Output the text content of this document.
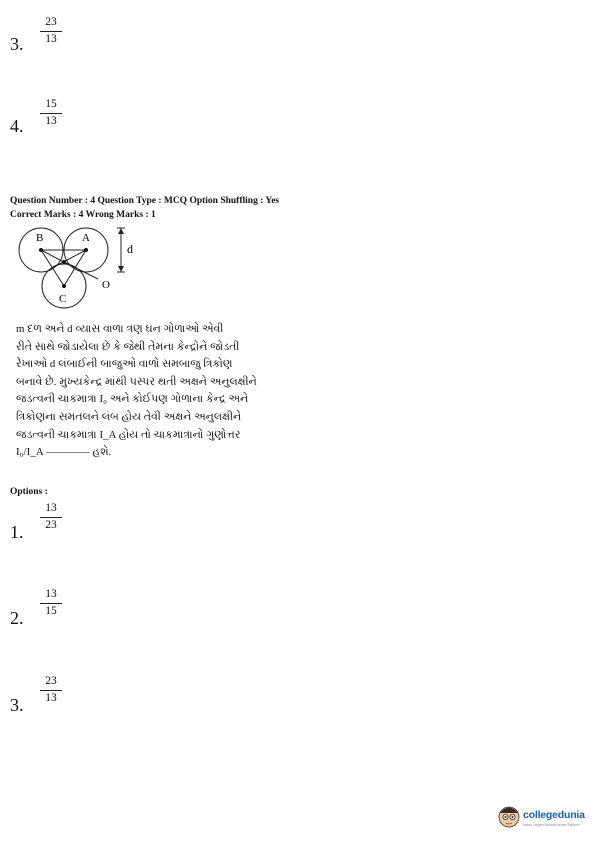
3.
23
13
4.
15
13
Question Number : 4 Question Type : MCQ Option Shuffling : Yes
Correct Marks : 4 Wrong Marks : 1
B	A
C
O
d
m દળ અને d વ્યાસ વાળા ત્રણ ઘન ગોળાઓ એવી
રીતે સાથે જોડાયેલા છે કે જેથી તેમના કેન્દ્રોને જોડતી
રેખાઓ d લંબાઈની બાજુઓ વાળો સમબાજુ ત્રિકોણ
બનાવે છે. મુખ્યકેન્દ્ર માંથી પસ્પર થતી અક્ષને અનુલક્ષીને
જડત્વની ચાકમાત્રા I₀ અને કોઈપણ ગોળાના કેન્દ્ર અને
ત્રિકોણના સમતલને લંબ હોય તેવી અક્ષને અનુલક્ષીને
જડત્વની ચાકમાત્રા I_A હોય તો ચાકમાત્રાનો ગુણોત્તર
I₀/I_A ———— હશે.
Options :
1.
13
23
2.
13
15
3.
23
13
collegedunia
India's Largest Student Review Platform
